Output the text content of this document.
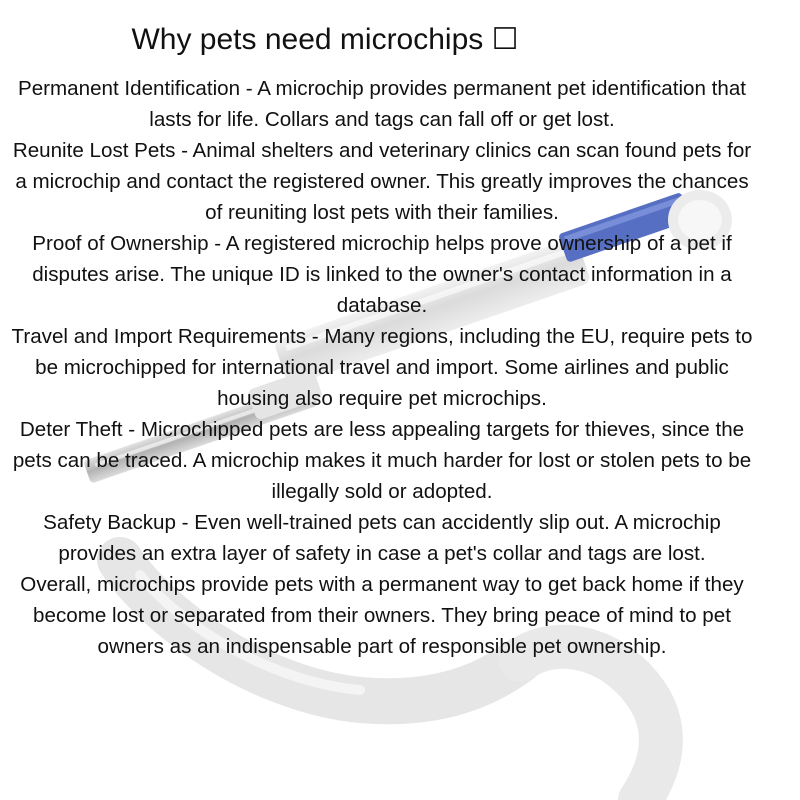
Why pets need microchips ☐

Permanent Identification - A microchip provides permanent pet identification that lasts for life. Collars and tags can fall off or get lost.

Reunite Lost Pets - Animal shelters and veterinary clinics can scan found pets for a microchip and contact the registered owner. This greatly improves the chances of reuniting lost pets with their families.

Proof of Ownership - A registered microchip helps prove ownership of a pet if disputes arise. The unique ID is linked to the owner's contact information in a database.

Travel and Import Requirements - Many regions, including the EU, require pets to be microchipped for international travel and import. Some airlines and public housing also require pet microchips.

Deter Theft - Microchipped pets are less appealing targets for thieves, since the pets can be traced. A microchip makes it much harder for lost or stolen pets to be illegally sold or adopted.

Safety Backup - Even well-trained pets can accidently slip out. A microchip provides an extra layer of safety in case a pet's collar and tags are lost.

Overall, microchips provide pets with a permanent way to get back home if they become lost or separated from their owners. They bring peace of mind to pet owners as an indispensable part of responsible pet ownership.
